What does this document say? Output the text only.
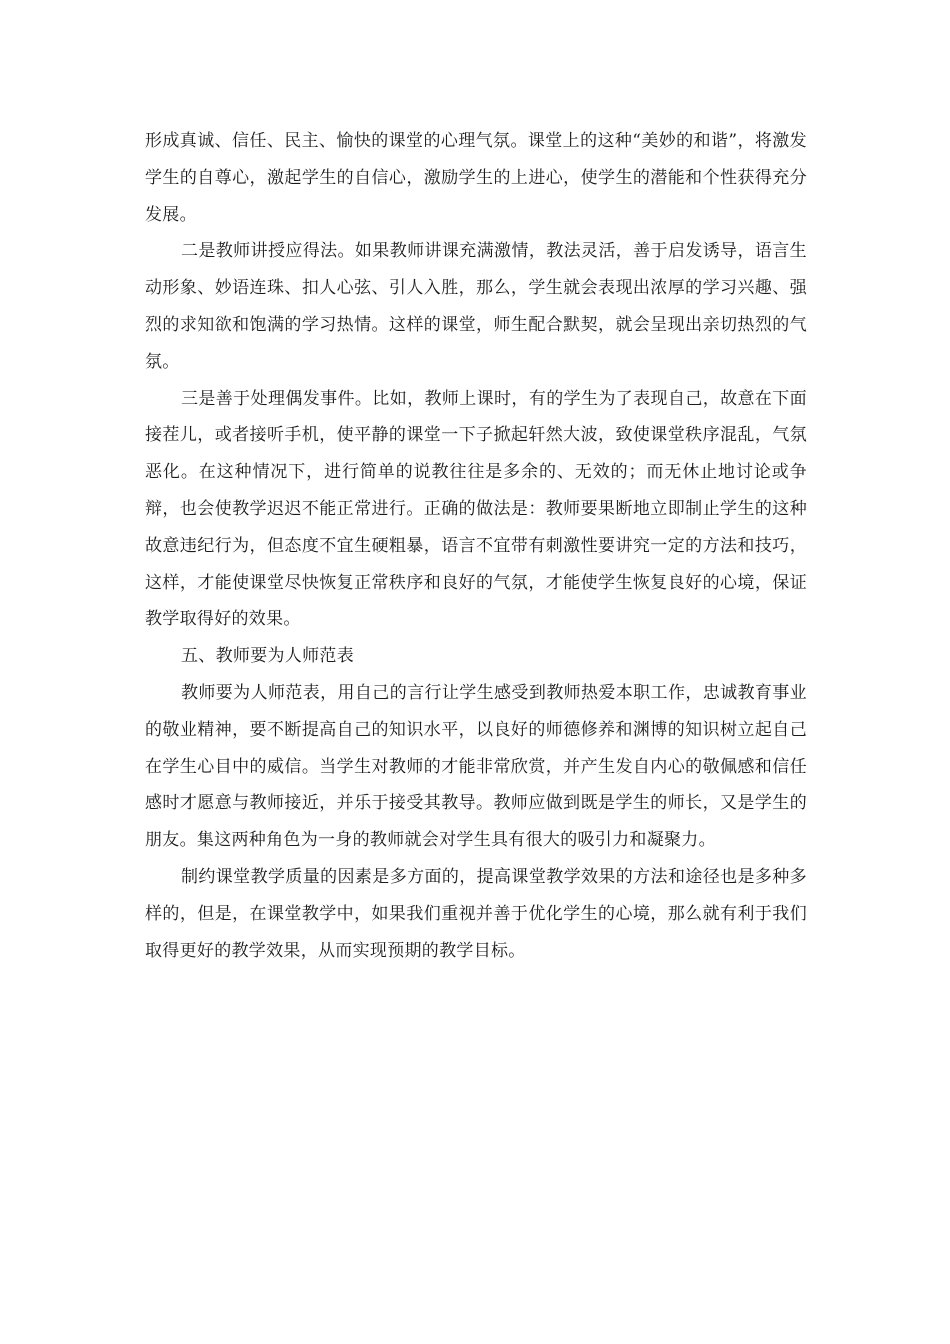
形成真诚、信任、民主、愉快的课堂的心理气氛。课堂上的这种“美妙的和谐”，将激发学生的自尊心，激起学生的自信心，激励学生的上进心，使学生的潜能和个性获得充分发展。

二是教师讲授应得法。如果教师讲课充满激情，教法灵活，善于启发诱导，语言生动形象、妙语连珠、扣人心弦、引人入胜，那么，学生就会表现出浓厚的学习兴趣、强烈的求知欲和饱满的学习热情。这样的课堂，师生配合默契，就会呈现出亲切热烈的气氛。

三是善于处理偶发事件。比如，教师上课时，有的学生为了表现自己，故意在下面接茬儿，或者接听手机，使平静的课堂一下子掀起轩然大波，致使课堂秩序混乱，气氛恶化。在这种情况下，进行简单的说教往往是多余的、无效的；而无休止地讨论或争辩，也会使教学迟迟不能正常进行。正确的做法是：教师要果断地立即制止学生的这种故意违纪行为，但态度不宜生硬粗暴，语言不宜带有刺激性要讲究一定的方法和技巧，这样，才能使课堂尽快恢复正常秩序和良好的气氛，才能使学生恢复良好的心境，保证教学取得好的效果。

五、教师要为人师范表

教师要为人师范表，用自己的言行让学生感受到教师热爱本职工作，忠诚教育事业的敬业精神，要不断提高自己的知识水平，以良好的师德修养和渊博的知识树立起自己在学生心目中的威信。当学生对教师的才能非常欣赏，并产生发自内心的敬佩感和信任感时才愿意与教师接近，并乐于接受其教导。教师应做到既是学生的师长，又是学生的朋友。集这两种角色为一身的教师就会对学生具有很大的吸引力和凝聚力。

制约课堂教学质量的因素是多方面的，提高课堂教学效果的方法和途径也是多种多样的，但是，在课堂教学中，如果我们重视并善于优化学生的心境，那么就有利于我们取得更好的教学效果，从而实现预期的教学目标。
